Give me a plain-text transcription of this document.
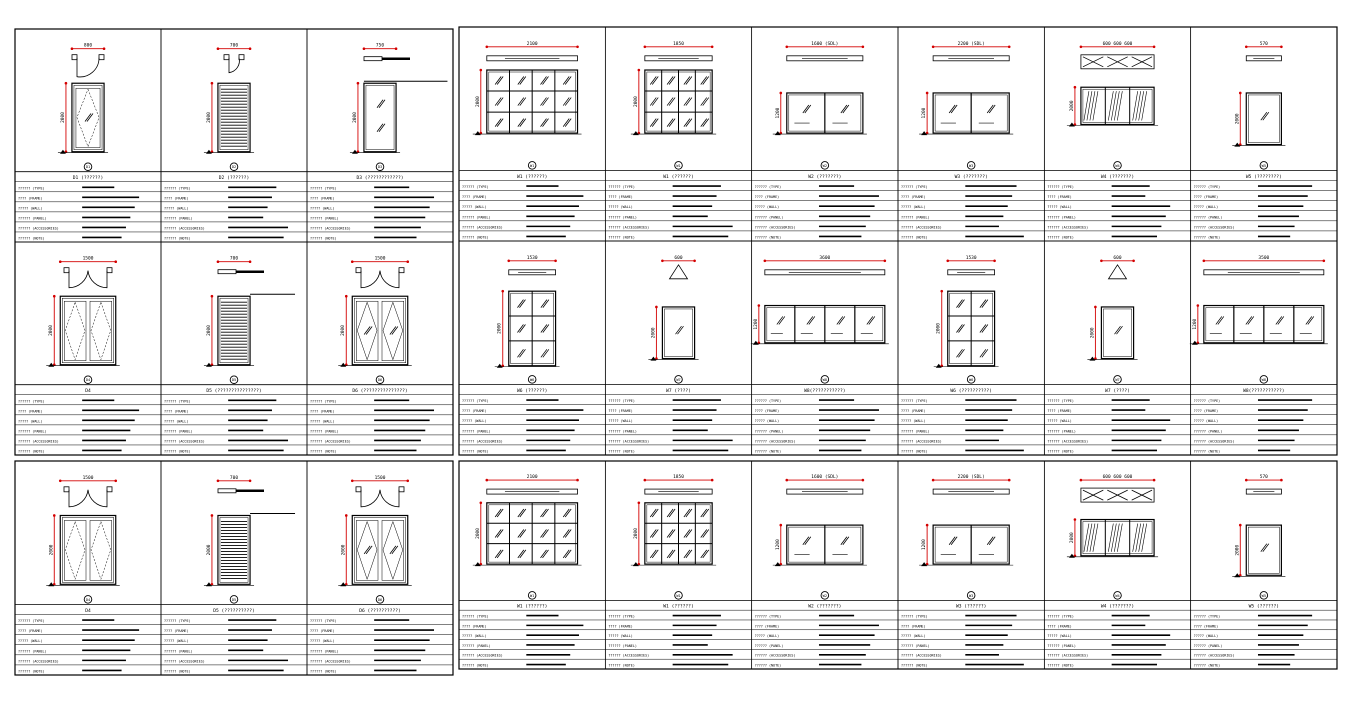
800
2000
D1
D1 (??????)
?????? (TYPE)
???? (FRAME)
????? (WALL)
?????? (PANEL)
?????? (ACCESSORIES)
?????? (NOTE)
700
2000
D2
D2 (??????)
?????? (TYPE)
???? (FRAME)
????? (WALL)
?????? (PANEL)
?????? (ACCESSORIES)
?????? (NOTE)
750
2000
D3
D3 (????????????)
?????? (TYPE)
???? (FRAME)
????? (WALL)
?????? (PANEL)
?????? (ACCESSORIES)
?????? (NOTE)
1500
2000
D4
D4
?????? (TYPE)
???? (FRAME)
????? (WALL)
?????? (PANEL)
?????? (ACCESSORIES)
?????? (NOTE)
700
2000
D5
D5 (???????????????)
?????? (TYPE)
???? (FRAME)
????? (WALL)
?????? (PANEL)
?????? (ACCESSORIES)
?????? (NOTE)
1500
2000
D6
D6 (???????????????)
?????? (TYPE)
???? (FRAME)
????? (WALL)
?????? (PANEL)
?????? (ACCESSORIES)
?????? (NOTE)
1500
2000
D4
D4
?????? (TYPE)
???? (FRAME)
????? (WALL)
?????? (PANEL)
?????? (ACCESSORIES)
?????? (NOTE)
700
2000
D5
D5 (??????????)
?????? (TYPE)
???? (FRAME)
????? (WALL)
?????? (PANEL)
?????? (ACCESSORIES)
?????? (NOTE)
1500
2000
D6
D6 (??????????)
?????? (TYPE)
???? (FRAME)
????? (WALL)
?????? (PANEL)
?????? (ACCESSORIES)
?????? (NOTE)
2100
2000
W1
W1 (??????)
?????? (TYPE)
???? (FRAME)
????? (WALL)
?????? (PANEL)
?????? (ACCESSORIES)
?????? (NOTE)
1850
2000
W1
W1 (??????)
?????? (TYPE)
???? (FRAME)
????? (WALL)
?????? (PANEL)
?????? (ACCESSORIES)
?????? (NOTE)
1600 (SDL)
1200
W2
W2 (???????)
?????? (TYPE)
???? (FRAME)
????? (WALL)
?????? (PANEL)
?????? (ACCESSORIES)
?????? (NOTE)
2200 (SDL)
1200
W3
W3 (???????)
?????? (TYPE)
???? (FRAME)
????? (WALL)
?????? (PANEL)
?????? (ACCESSORIES)
?????? (NOTE)
600 600 600
2000
W4
W4 (???????)
?????? (TYPE)
???? (FRAME)
????? (WALL)
?????? (PANEL)
?????? (ACCESSORIES)
?????? (NOTE)
570
2000
W5
W5 (????????)
?????? (TYPE)
???? (FRAME)
????? (WALL)
?????? (PANEL)
?????? (ACCESSORIES)
?????? (NOTE)
1530
2000
W6
W6 (??????)
?????? (TYPE)
???? (FRAME)
????? (WALL)
?????? (PANEL)
?????? (ACCESSORIES)
?????? (NOTE)
600
2000
W7
W7 (????)
?????? (TYPE)
???? (FRAME)
????? (WALL)
?????? (PANEL)
?????? (ACCESSORIES)
?????? (NOTE)
3600
1200
W8
W8(???????????)
?????? (TYPE)
???? (FRAME)
????? (WALL)
?????? (PANEL)
?????? (ACCESSORIES)
?????? (NOTE)
1530
2000
W6
W6 (??????????)
?????? (TYPE)
???? (FRAME)
????? (WALL)
?????? (PANEL)
?????? (ACCESSORIES)
?????? (NOTE)
600
2000
W7
W7 (????)
?????? (TYPE)
???? (FRAME)
????? (WALL)
?????? (PANEL)
?????? (ACCESSORIES)
?????? (NOTE)
3500
1200
W8
W8(???????????)
?????? (TYPE)
???? (FRAME)
????? (WALL)
?????? (PANEL)
?????? (ACCESSORIES)
?????? (NOTE)
2100
2000
W1
W1 (??????)
?????? (TYPE)
???? (FRAME)
????? (WALL)
?????? (PANEL)
?????? (ACCESSORIES)
?????? (NOTE)
1850
2000
W1
W1 (??????)
?????? (TYPE)
???? (FRAME)
????? (WALL)
?????? (PANEL)
?????? (ACCESSORIES)
?????? (NOTE)
1600 (SDL)
1200
W2
W2 (???????)
?????? (TYPE)
???? (FRAME)
????? (WALL)
?????? (PANEL)
?????? (ACCESSORIES)
?????? (NOTE)
2200 (SDL)
1200
W3
W3 (??????)
?????? (TYPE)
???? (FRAME)
????? (WALL)
?????? (PANEL)
?????? (ACCESSORIES)
?????? (NOTE)
600 600 600
2000
W4
W4 (???????)
?????? (TYPE)
???? (FRAME)
????? (WALL)
?????? (PANEL)
?????? (ACCESSORIES)
?????? (NOTE)
570
2000
W5
W5 (??????)
?????? (TYPE)
???? (FRAME)
????? (WALL)
?????? (PANEL)
?????? (ACCESSORIES)
?????? (NOTE)
